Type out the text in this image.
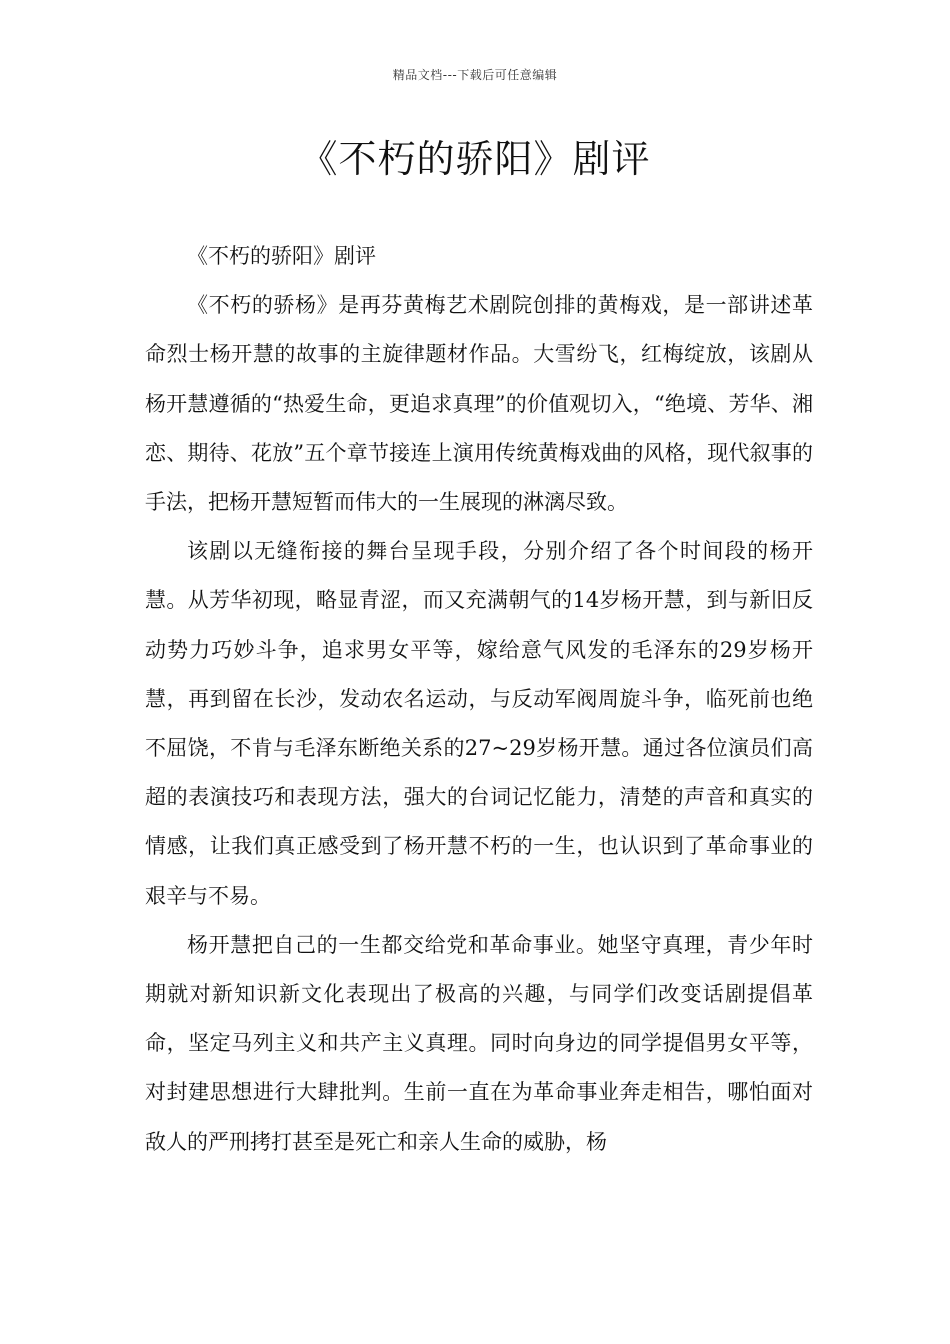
精品文档---下载后可任意编辑
《不朽的骄阳》剧评

《不朽的骄阳》剧评

《不朽的骄杨》是再芬黄梅艺术剧院创排的黄梅戏，是一部讲述革命烈士杨开慧的故事的主旋律题材作品。大雪纷飞，红梅绽放，该剧从杨开慧遵循的“热爱生命，更追求真理”的价值观切入，“绝境、芳华、湘恋、期待、花放”五个章节接连上演用传统黄梅戏曲的风格，现代叙事的手法，把杨开慧短暂而伟大的一生展现的淋漓尽致。

该剧以无缝衔接的舞台呈现手段，分别介绍了各个时间段的杨开慧。从芳华初现，略显青涩，而又充满朝气的14岁杨开慧，到与新旧反动势力巧妙斗争，追求男女平等，嫁给意气风发的毛泽东的29岁杨开慧，再到留在长沙，发动农名运动，与反动军阀周旋斗争，临死前也绝不屈饶，不肯与毛泽东断绝关系的27~29岁杨开慧。通过各位演员们高超的表演技巧和表现方法，强大的台词记忆能力，清楚的声音和真实的情感，让我们真正感受到了杨开慧不朽的一生，也认识到了革命事业的艰辛与不易。

杨开慧把自己的一生都交给党和革命事业。她坚守真理，青少年时期就对新知识新文化表现出了极高的兴趣，与同学们改变话剧提倡革命，坚定马列主义和共产主义真理。同时向身边的同学提倡男女平等，对封建思想进行大肆批判。生前一直在为革命事业奔走相告，哪怕面对敌人的严刑拷打甚至是死亡和亲人生命的威胁，杨
